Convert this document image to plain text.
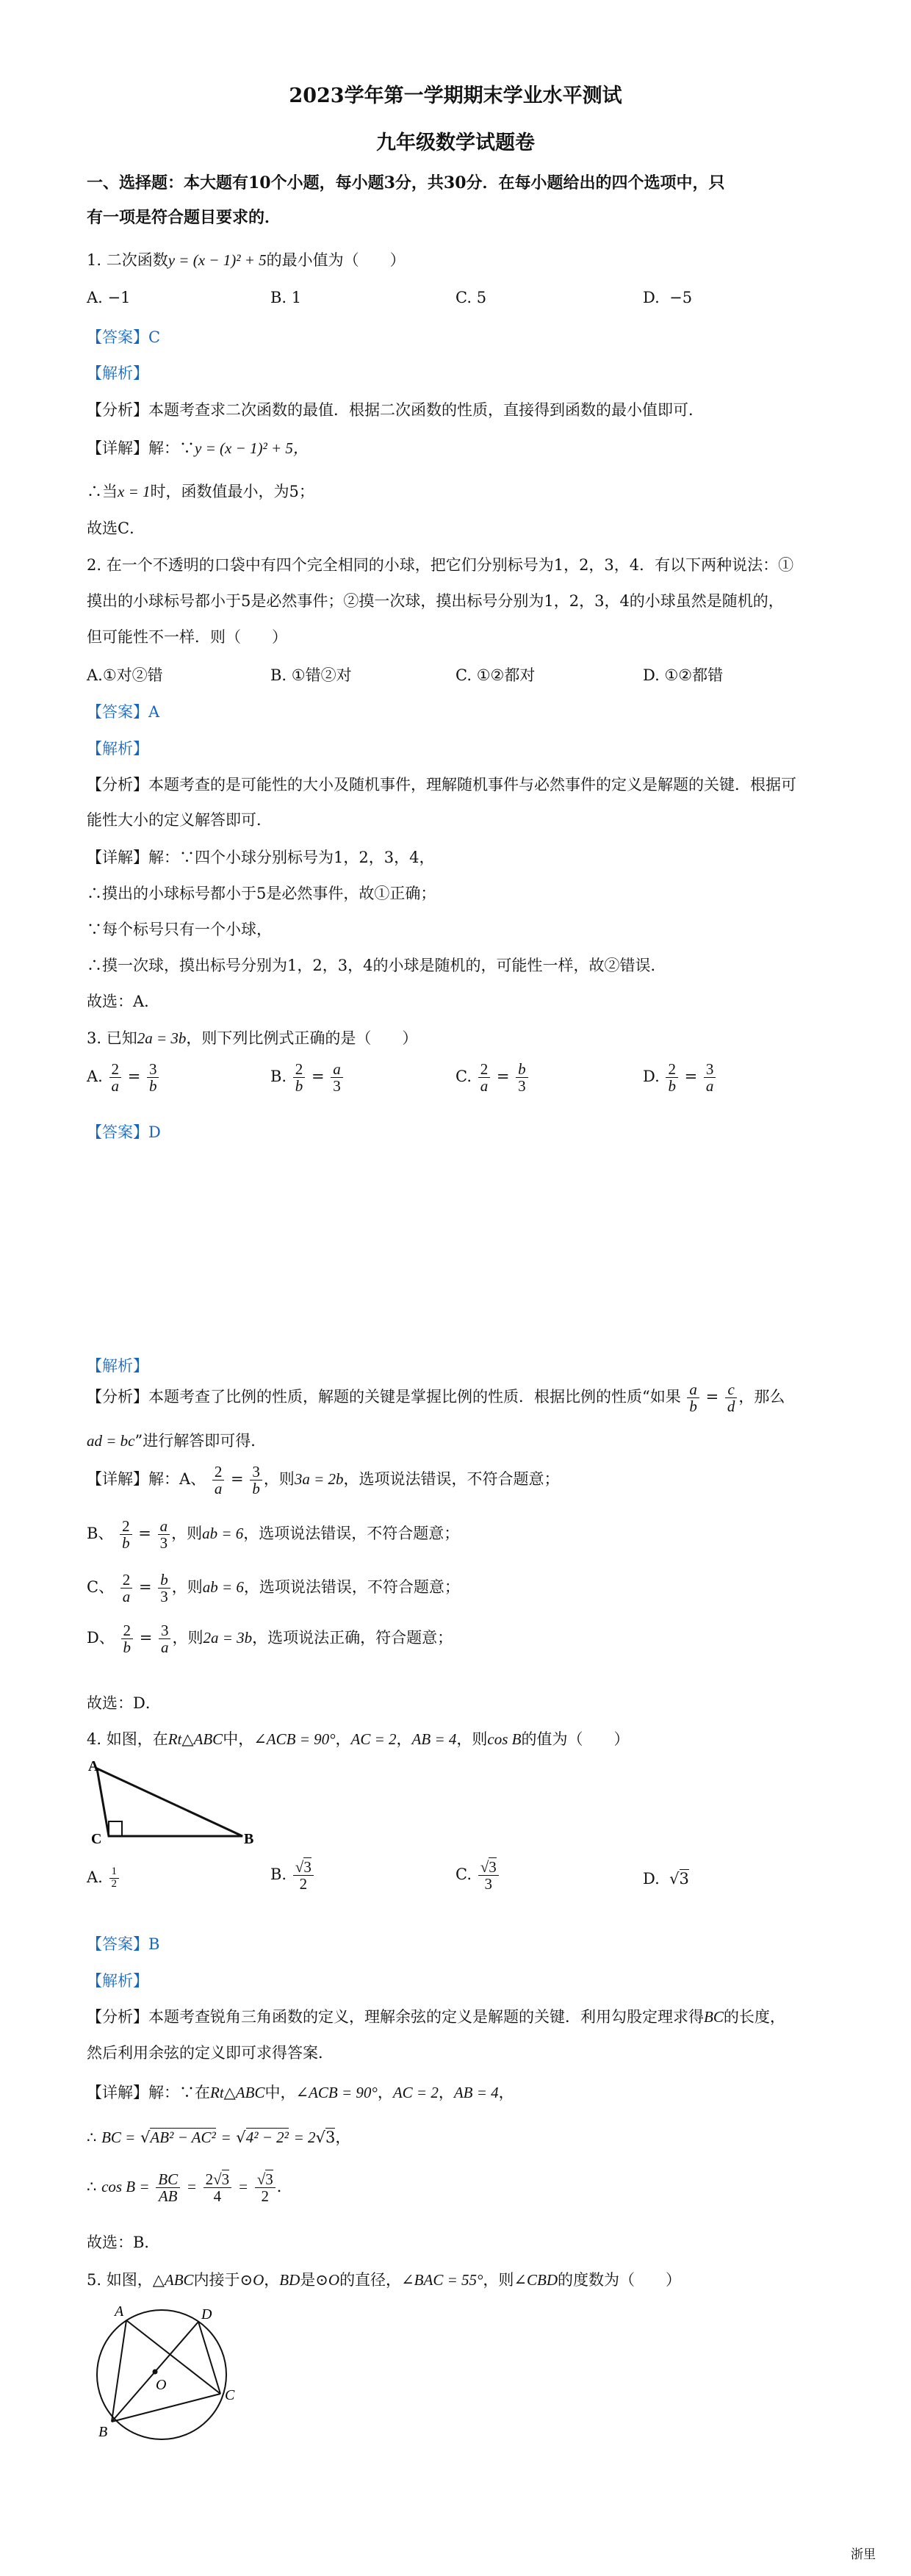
2023学年第一学期期末学业水平测试
九年级数学试题卷
一、选择题：本大题有10个小题，每小题3分，共30分．在每小题给出的四个选项中，只
有一项是符合题目要求的．
1. 二次函数y = (x − 1)² + 5的最小值为（　　）
A. −1	B. 1	C. 5	D. −5
【答案】C
【解析】
【分析】本题考查求二次函数的最值．根据二次函数的性质，直接得到函数的最小值即可．
【详解】解：∵y = (x − 1)² + 5，
∴当x = 1时，函数值最小，为5；
故选C．
2. 在一个不透明的口袋中有四个完全相同的小球，把它们分别标号为1，2，3，4．有以下两种说法：①
摸出的小球标号都小于5是必然事件；②摸一次球，摸出标号分别为1，2，3，4的小球虽然是随机的，
但可能性不一样．则（　　）
A.①对②错	B. ①错②对	C. ①②都对	D. ①②都错
【答案】A
【解析】
【分析】本题考查的是可能性的大小及随机事件，理解随机事件与必然事件的定义是解题的关键．根据可
能性大小的定义解答即可．
【详解】解：∵四个小球分别标号为1，2，3，4，
∴摸出的小球标号都小于5是必然事件，故①正确；
∵每个标号只有一个小球，
∴摸一次球，摸出标号分别为1，2，3，4的小球是随机的，可能性一样，故②错误．
故选：A．
3. 已知2a = 3b，则下列比例式正确的是（　　）
A. $\frac{2}{a} = \frac{3}{b}$	B. $\frac{2}{b} = \frac{a}{3}$	C. $\frac{2}{a} = \frac{b}{3}$	D. $\frac{2}{b} = \frac{3}{a}$
【答案】D
【解析】
【分析】本题考查了比例的性质，解题的关键是掌握比例的性质．根据比例的性质“如果 $\frac{a}{b} = \frac{c}{d}$ ，那么
ad = bc”进行解答即可得．
【详解】解：A、 $\frac{2}{a} = \frac{3}{b}$ ，则3a = 2b，选项说法错误，不符合题意；
B、 $\frac{2}{b} = \frac{a}{3}$ ，则ab = 6，选项说法错误，不符合题意；
C、 $\frac{2}{a} = \frac{b}{3}$ ，则ab = 6，选项说法错误，不符合题意；
D、 $\frac{2}{b} = \frac{3}{a}$ ，则2a = 3b，选项说法正确，符合题意；
故选：D．
4. 如图，在Rt△ABC中，∠ACB = 90°，AC = 2，AB = 4，则cos B的值为（　　）
A
C	B
A. $\frac{1}{2}$	B. $\frac{√3}{2}$	C. $\frac{√3}{3}$	D.  √3
【答案】B
【解析】
【分析】本题考查锐角三角函数的定义，理解余弦的定义是解题的关键．利用勾股定理求得BC的长度，
然后利用余弦的定义即可求得答案．
【详解】解：∵在Rt△ABC中，∠ACB = 90°，AC = 2，AB = 4，
∴ BC = √AB² − AC² = √4² − 2² = 2√3，
∴ $\cos B = \frac{BC}{AB} = \frac{2√3}{4} = \frac{√3}{2}$ ．
故选：B．
5. 如图，△ABC内接于⊙O，BD是⊙O的直径，∠BAC = 55°，则∠CBD的度数为（　　）
A	D
C
B
O
浙里
